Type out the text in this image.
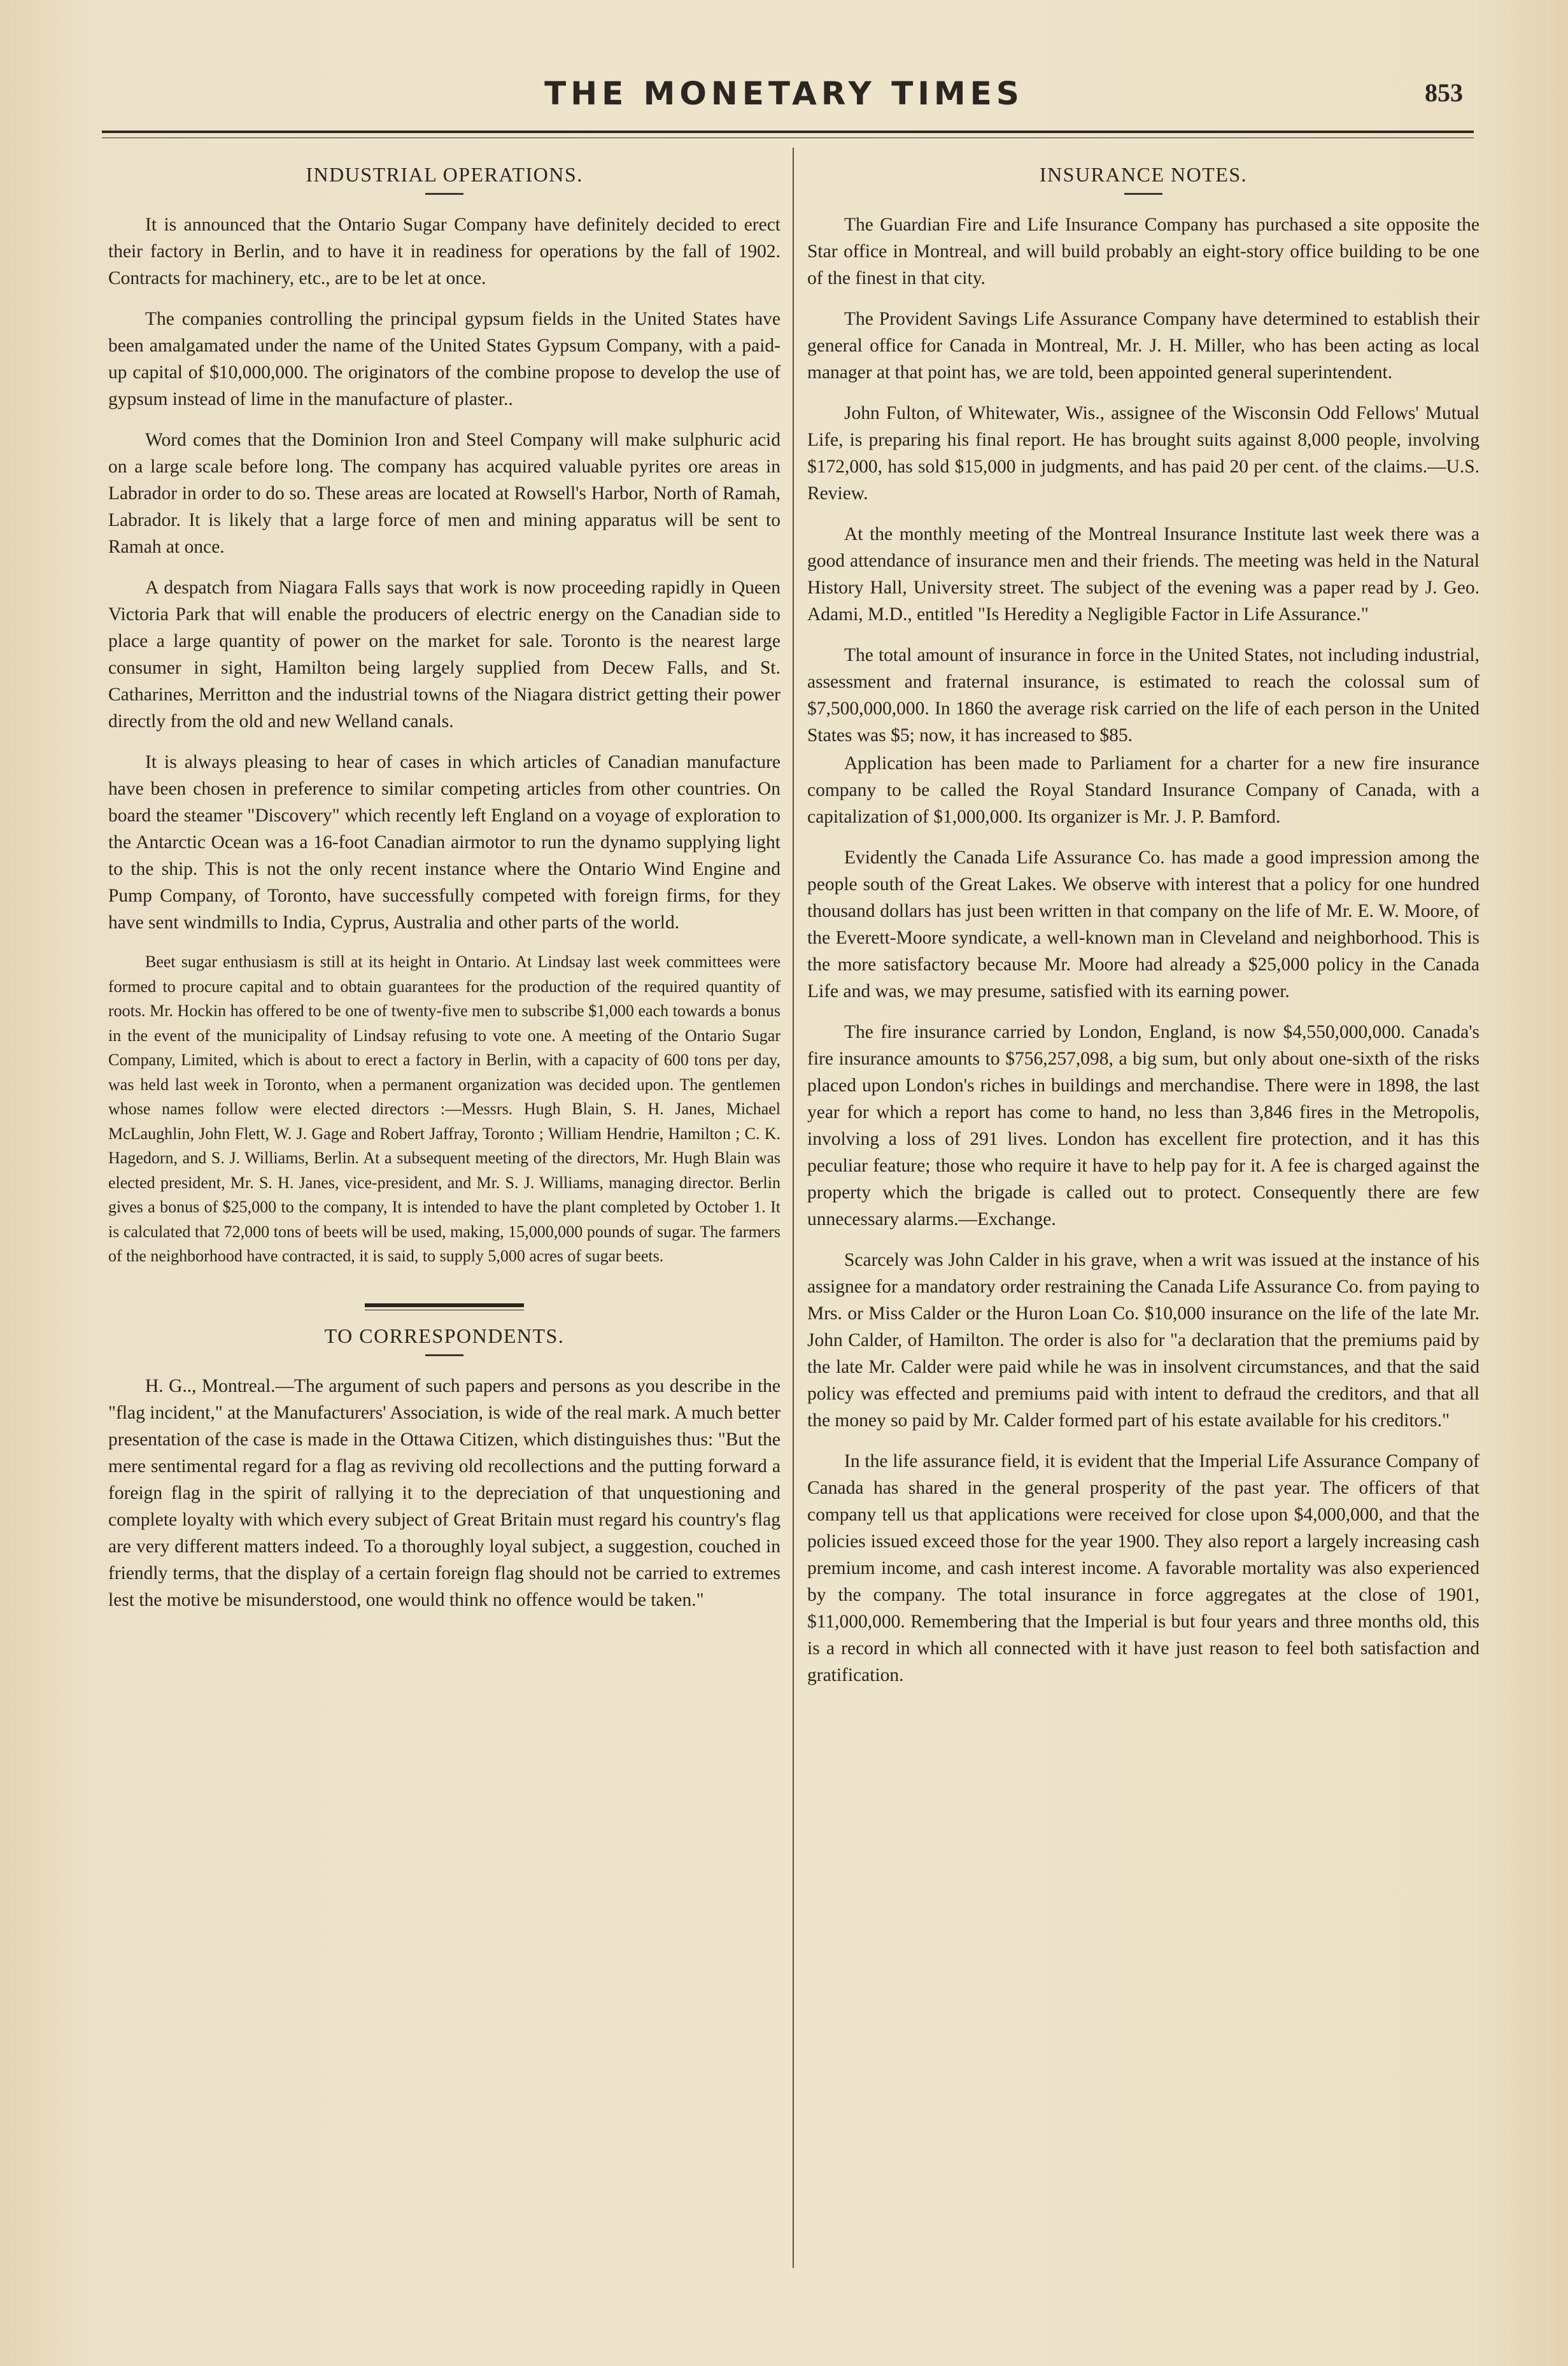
THE MONETARY TIMES	853
INDUSTRIAL OPERATIONS.

It is announced that the Ontario Sugar Company have definitely decided to erect their factory in Berlin, and to have it in readiness for operations by the fall of 1902. Contracts for machinery, etc., are to be let at once.

The companies controlling the principal gypsum fields in the United States have been amalgamated under the name of the United States Gypsum Company, with a paid-up capital of $10,000,000. The originators of the combine propose to develop the use of gypsum instead of lime in the manufacture of plaster..

Word comes that the Dominion Iron and Steel Company will make sulphuric acid on a large scale before long. The company has acquired valuable pyrites ore areas in Labrador in order to do so. These areas are located at Rowsell's Harbor, North of Ramah, Labrador. It is likely that a large force of men and mining apparatus will be sent to Ramah at once.

A despatch from Niagara Falls says that work is now proceeding rapidly in Queen Victoria Park that will enable the producers of electric energy on the Canadian side to place a large quantity of power on the market for sale. Toronto is the nearest large consumer in sight, Hamilton being largely supplied from Decew Falls, and St. Catharines, Merritton and the industrial towns of the Niagara district getting their power directly from the old and new Welland canals.

It is always pleasing to hear of cases in which articles of Canadian manufacture have been chosen in preference to similar competing articles from other countries. On board the steamer "Discovery" which recently left England on a voyage of exploration to the Antarctic Ocean was a 16-foot Canadian airmotor to run the dynamo supplying light to the ship. This is not the only recent instance where the Ontario Wind Engine and Pump Company, of Toronto, have successfully competed with foreign firms, for they have sent windmills to India, Cyprus, Australia and other parts of the world.

Beet sugar enthusiasm is still at its height in Ontario. At Lindsay last week committees were formed to procure capital and to obtain guarantees for the production of the required quantity of roots. Mr. Hockin has offered to be one of twenty-five men to subscribe $1,000 each towards a bonus in the event of the municipality of Lindsay refusing to vote one. A meeting of the Ontario Sugar Company, Limited, which is about to erect a factory in Berlin, with a capacity of 600 tons per day, was held last week in Toronto, when a permanent organization was decided upon. The gentlemen whose names follow were elected directors :—Messrs. Hugh Blain, S. H. Janes, Michael McLaughlin, John Flett, W. J. Gage and Robert Jaffray, Toronto ; William Hendrie, Hamilton ; C. K. Hagedorn, and S. J. Williams, Berlin. At a subsequent meeting of the directors, Mr. Hugh Blain was elected president, Mr. S. H. Janes, vice-president, and Mr. S. J. Williams, managing director. Berlin gives a bonus of $25,000 to the company, It is intended to have the plant completed by October 1. It is calculated that 72,000 tons of beets will be used, making, 15,000,000 pounds of sugar. The farmers of the neighborhood have contracted, it is said, to supply 5,000 acres of sugar beets.

TO CORRESPONDENTS.

H. G.., Montreal.—The argument of such papers and persons as you describe in the "flag incident," at the Manufacturers' Association, is wide of the real mark. A much better presentation of the case is made in the Ottawa Citizen, which distinguishes thus: "But the mere sentimental regard for a flag as reviving old recollections and the putting forward a foreign flag in the spirit of rallying it to the depreciation of that unquestioning and complete loyalty with which every subject of Great Britain must regard his country's flag are very different matters indeed. To a thoroughly loyal subject, a suggestion, couched in friendly terms, that the display of a certain foreign flag should not be carried to extremes lest the motive be misunderstood, one would think no offence would be taken."

INSURANCE NOTES.

The Guardian Fire and Life Insurance Company has purchased a site opposite the Star office in Montreal, and will build probably an eight-story office building to be one of the finest in that city.

The Provident Savings Life Assurance Company have determined to establish their general office for Canada in Montreal, Mr. J. H. Miller, who has been acting as local manager at that point has, we are told, been appointed general superintendent.

John Fulton, of Whitewater, Wis., assignee of the Wisconsin Odd Fellows' Mutual Life, is preparing his final report. He has brought suits against 8,000 people, involving $172,000, has sold $15,000 in judgments, and has paid 20 per cent. of the claims.—U.S. Review.

At the monthly meeting of the Montreal Insurance Institute last week there was a good attendance of insurance men and their friends. The meeting was held in the Natural History Hall, University street. The subject of the evening was a paper read by J. Geo. Adami, M.D., entitled "Is Heredity a Negligible Factor in Life Assurance."

The total amount of insurance in force in the United States, not including industrial, assessment and fraternal insurance, is estimated to reach the colossal sum of $7,500,000,000. In 1860 the average risk carried on the life of each person in the United States was $5; now, it has increased to $85.

Application has been made to Parliament for a charter for a new fire insurance company to be called the Royal Standard Insurance Company of Canada, with a capitalization of $1,000,000. Its organizer is Mr. J. P. Bamford.

Evidently the Canada Life Assurance Co. has made a good impression among the people south of the Great Lakes. We observe with interest that a policy for one hundred thousand dollars has just been written in that company on the life of Mr. E. W. Moore, of the Everett-Moore syndicate, a well-known man in Cleveland and neighborhood. This is the more satisfactory because Mr. Moore had already a $25,000 policy in the Canada Life and was, we may presume, satisfied with its earning power.

The fire insurance carried by London, England, is now $4,550,000,000. Canada's fire insurance amounts to $756,257,098, a big sum, but only about one-sixth of the risks placed upon London's riches in buildings and merchandise. There were in 1898, the last year for which a report has come to hand, no less than 3,846 fires in the Metropolis, involving a loss of 291 lives. London has excellent fire protection, and it has this peculiar feature; those who require it have to help pay for it. A fee is charged against the property which the brigade is called out to protect. Consequently there are few unnecessary alarms.—Exchange.

Scarcely was John Calder in his grave, when a writ was issued at the instance of his assignee for a mandatory order restraining the Canada Life Assurance Co. from paying to Mrs. or Miss Calder or the Huron Loan Co. $10,000 insurance on the life of the late Mr. John Calder, of Hamilton. The order is also for "a declaration that the premiums paid by the late Mr. Calder were paid while he was in insolvent circumstances, and that the said policy was effected and premiums paid with intent to defraud the creditors, and that all the money so paid by Mr. Calder formed part of his estate available for his creditors."

In the life assurance field, it is evident that the Imperial Life Assurance Company of Canada has shared in the general prosperity of the past year. The officers of that company tell us that applications were received for close upon $4,000,000, and that the policies issued exceed those for the year 1900. They also report a largely increasing cash premium income, and cash interest income. A favorable mortality was also experienced by the company. The total insurance in force aggregates at the close of 1901, $11,000,000. Remembering that the Imperial is but four years and three months old, this is a record in which all connected with it have just reason to feel both satisfaction and gratification.
